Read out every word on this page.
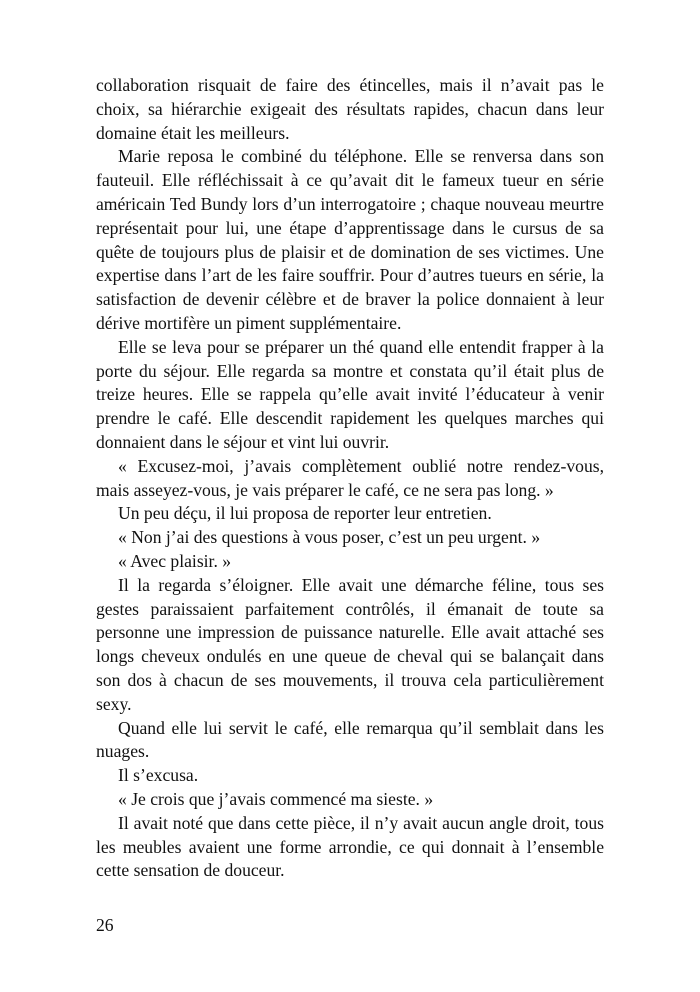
collaboration risquait de faire des étincelles, mais il n’avait pas le choix, sa hiérarchie exigeait des résultats rapides, chacun dans leur domaine était les meilleurs.

Marie reposa le combiné du téléphone. Elle se renversa dans son fauteuil. Elle réfléchissait à ce qu’avait dit le fameux tueur en série américain Ted Bundy lors d’un interrogatoire ; chaque nouveau meurtre représentait pour lui, une étape d’apprentissage dans le cursus de sa quête de toujours plus de plaisir et de domination de ses victimes. Une expertise dans l’art de les faire souffrir. Pour d’autres tueurs en série, la satisfaction de devenir célèbre et de braver la police donnaient à leur dérive mortifère un piment supplémentaire.

Elle se leva pour se préparer un thé quand elle entendit frapper à la porte du séjour. Elle regarda sa montre et constata qu’il était plus de treize heures. Elle se rappela qu’elle avait invité l’éducateur à venir prendre le café. Elle descendit rapidement les quelques marches qui donnaient dans le séjour et vint lui ouvrir.

« Excusez-moi, j’avais complètement oublié notre rendez-vous, mais asseyez-vous, je vais préparer le café, ce ne sera pas long. »

Un peu déçu, il lui proposa de reporter leur entretien.

« Non j’ai des questions à vous poser, c’est un peu urgent. »

« Avec plaisir. »

Il la regarda s’éloigner. Elle avait une démarche féline, tous ses gestes paraissaient parfaitement contrôlés, il émanait de toute sa personne une impression de puissance naturelle. Elle avait attaché ses longs cheveux ondulés en une queue de cheval qui se balançait dans son dos à chacun de ses mouvements, il trouva cela particulièrement sexy.

Quand elle lui servit le café, elle remarqua qu’il semblait dans les nuages.

Il s’excusa.

« Je crois que j’avais commencé ma sieste. »

Il avait noté que dans cette pièce, il n’y avait aucun angle droit, tous les meubles avaient une forme arrondie, ce qui donnait à l’ensemble cette sensation de douceur.

26
